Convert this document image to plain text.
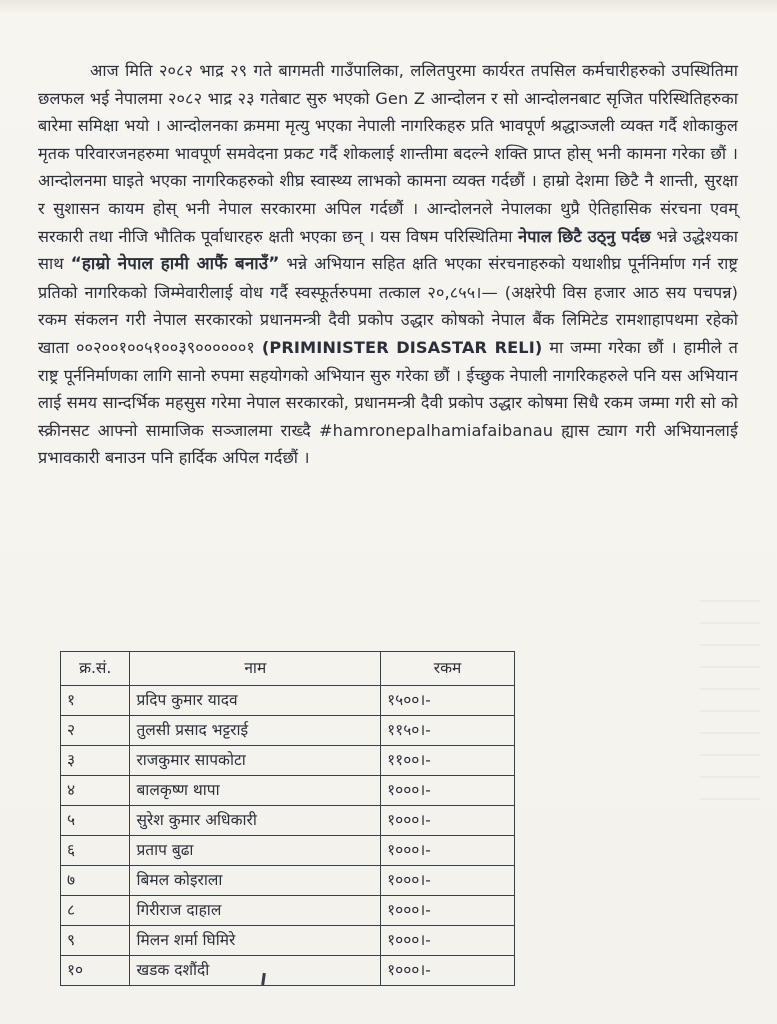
आज मिति २०८२ भाद्र २९ गते बागमती गाउँपालिका, ललितपुरमा कार्यरत तपसिल कर्मचारीहरुको उपस्थितिमा छलफल भई नेपालमा २०८२ भाद्र २३ गतेबाट सुरु भएको Gen Z आन्दोलन र सो आन्दोलनबाट सृजित परिस्थितिहरुका बारेमा समिक्षा भयो । आन्दोलनका क्रममा मृत्यु भएका नेपाली नागरिकहरु प्रति भावपूर्ण श्रद्धाञ्जली व्यक्त गर्दै शोकाकुल मृतक परिवारजनहरुमा भावपूर्ण समवेदना प्रकट गर्दै शोकलाई शान्तीमा बदल्ने शक्ति प्राप्त होस् भनी कामना गरेका छौं । आन्दोलनमा घाइते भएका नागरिकहरुको शीघ्र स्वास्थ्य लाभको कामना व्यक्त गर्दछौं । हाम्रो देशमा छिटै नै शान्ती, सुरक्षा र सुशासन कायम होस् भनी नेपाल सरकारमा अपिल गर्दछौं । आन्दोलनले नेपालका थुप्रै ऐतिहासिक संरचना एवम् सरकारी तथा नीजि भौतिक पूर्वाधारहरु क्षती भएका छन् । यस विषम परिस्थितिमा नेपाल छिटै उठ्नु पर्दछ भन्ने उद्धेश्यका साथ “हाम्रो नेपाल हामी आफैं बनाउँ” भन्ने अभियान सहित क्षति भएका संरचनाहरुको यथाशीघ्र पूर्ननिर्माण गर्न राष्ट्र प्रतिको नागरिकको जिम्मेवारीलाई वोध गर्दै स्वस्फूर्तरुपमा तत्काल २०,८५५।— (अक्षरेपी विस हजार आठ सय पचपन्न) रकम संकलन गरी नेपाल सरकारको प्रधानमन्त्री दैवी प्रकोप उद्धार कोषको नेपाल बैंक लिमिटेड रामशाहापथमा रहेको खाता ००२००१००५१००३९००००००१ (PRIMINISTER DISASTAR RELI) मा जम्मा गरेका छौं । हामीले त राष्ट्र पूर्ननिर्माणका लागि सानो रुपमा सहयोगको अभियान सुरु गरेका छौं । ईच्छुक नेपाली नागरिकहरुले पनि यस अभियान लाई समय सान्दर्भिक महसुस गरेमा नेपाल सरकारको, प्रधानमन्त्री दैवी प्रकोप उद्धार कोषमा सिधै रकम जम्मा गरी सो को स्क्रीनसट आफ्नो सामाजिक सञ्जालमा राख्दै #hamronepalhamiafaibanau ह्यास ट्याग गरी अभियानलाई प्रभावकारी बनाउन पनि हार्दिक अपिल गर्दछौं ।

क्र.सं.	नाम	रकम
१	प्रदिप कुमार यादव	१५००।-
२	तुलसी प्रसाद भट्टराई	११५०।-
३	राजकुमार सापकोटा	११००।-
४	बालकृष्ण थापा	१०००।-
५	सुरेश कुमार अधिकारी	१०००।-
६	प्रताप बुढा	१०००।-
७	बिमल कोइराला	१०००।-
८	गिरीराज दाहाल	१०००।-
९	मिलन शर्मा घिमिरे	१०००।-
१०	खडक दशौंदी	१०००।-
